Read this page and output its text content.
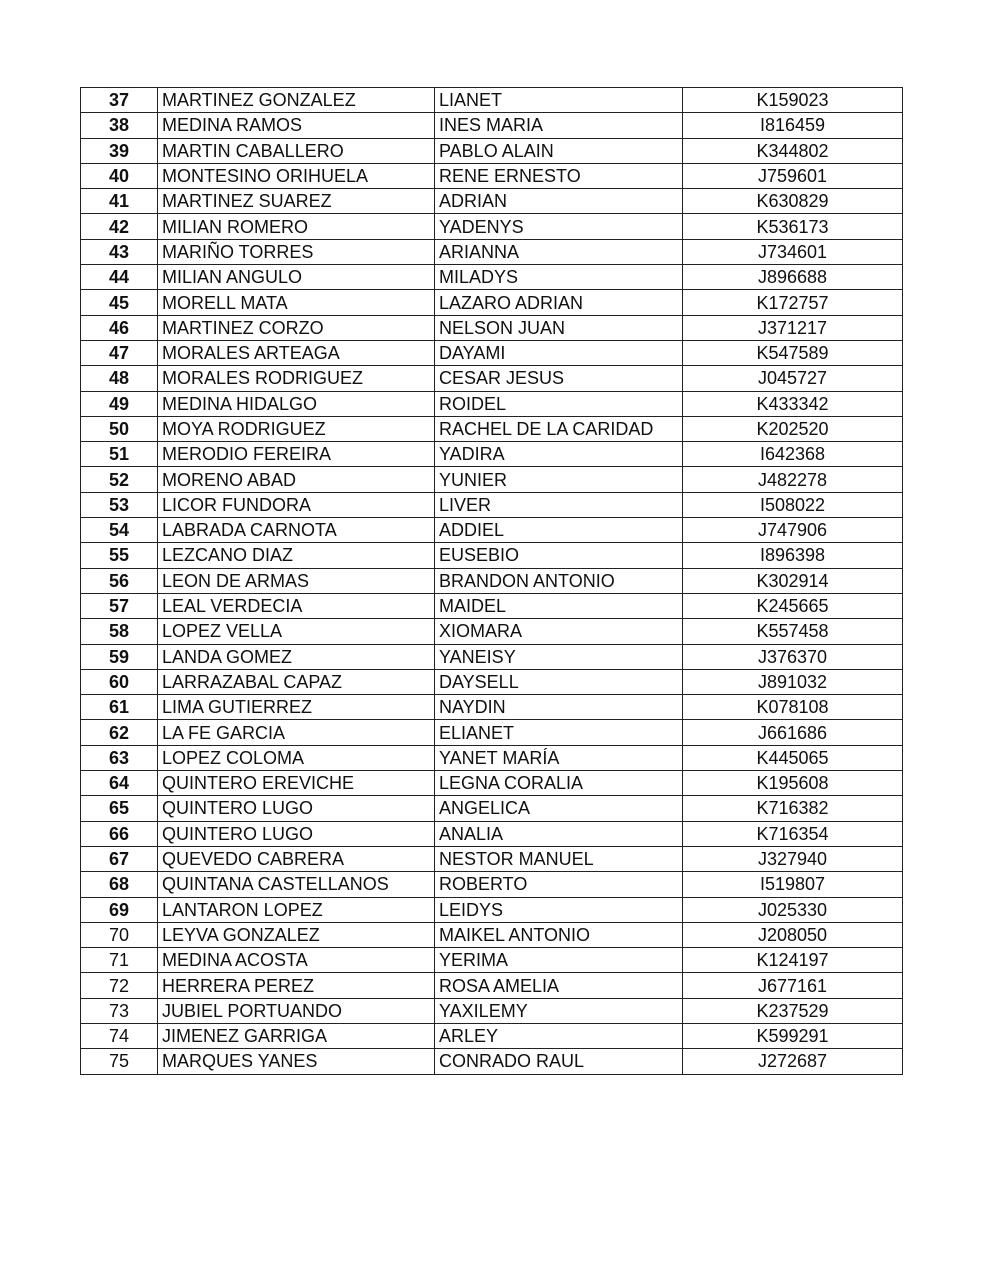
37	MARTINEZ GONZALEZ	LIANET	K159023
38	MEDINA RAMOS	INES MARIA	I816459
39	MARTIN CABALLERO	PABLO ALAIN	K344802
40	MONTESINO ORIHUELA	RENE ERNESTO	J759601
41	MARTINEZ SUAREZ	ADRIAN	K630829
42	MILIAN ROMERO	YADENYS	K536173
43	MARIÑO TORRES	ARIANNA	J734601
44	MILIAN ANGULO	MILADYS	J896688
45	MORELL MATA	LAZARO ADRIAN	K172757
46	MARTINEZ CORZO	NELSON JUAN	J371217
47	MORALES ARTEAGA	DAYAMI	K547589
48	MORALES RODRIGUEZ	CESAR JESUS	J045727
49	MEDINA HIDALGO	ROIDEL	K433342
50	MOYA RODRIGUEZ	RACHEL DE LA CARIDAD	K202520
51	MERODIO FEREIRA	YADIRA	I642368
52	MORENO ABAD	YUNIER	J482278
53	LICOR FUNDORA	LIVER	I508022
54	LABRADA CARNOTA	ADDIEL	J747906
55	LEZCANO DIAZ	EUSEBIO	I896398
56	LEON DE ARMAS	BRANDON ANTONIO	K302914
57	LEAL VERDECIA	MAIDEL	K245665
58	LOPEZ VELLA	XIOMARA	K557458
59	LANDA GOMEZ	YANEISY	J376370
60	LARRAZABAL CAPAZ	DAYSELL	J891032
61	LIMA GUTIERREZ	NAYDIN	K078108
62	LA FE GARCIA	ELIANET	J661686
63	LOPEZ COLOMA	YANET MARÍA	K445065
64	QUINTERO EREVICHE	LEGNA CORALIA	K195608
65	QUINTERO LUGO	ANGELICA	K716382
66	QUINTERO LUGO	ANALIA	K716354
67	QUEVEDO CABRERA	NESTOR MANUEL	J327940
68	QUINTANA CASTELLANOS	ROBERTO	I519807
69	LANTARON LOPEZ	LEIDYS	J025330
70	LEYVA GONZALEZ	MAIKEL ANTONIO	J208050
71	MEDINA ACOSTA	YERIMA	K124197
72	HERRERA PEREZ	ROSA AMELIA	J677161
73	JUBIEL PORTUANDO	YAXILEMY	K237529
74	JIMENEZ GARRIGA	ARLEY	K599291
75	MARQUES YANES	CONRADO RAUL	J272687
